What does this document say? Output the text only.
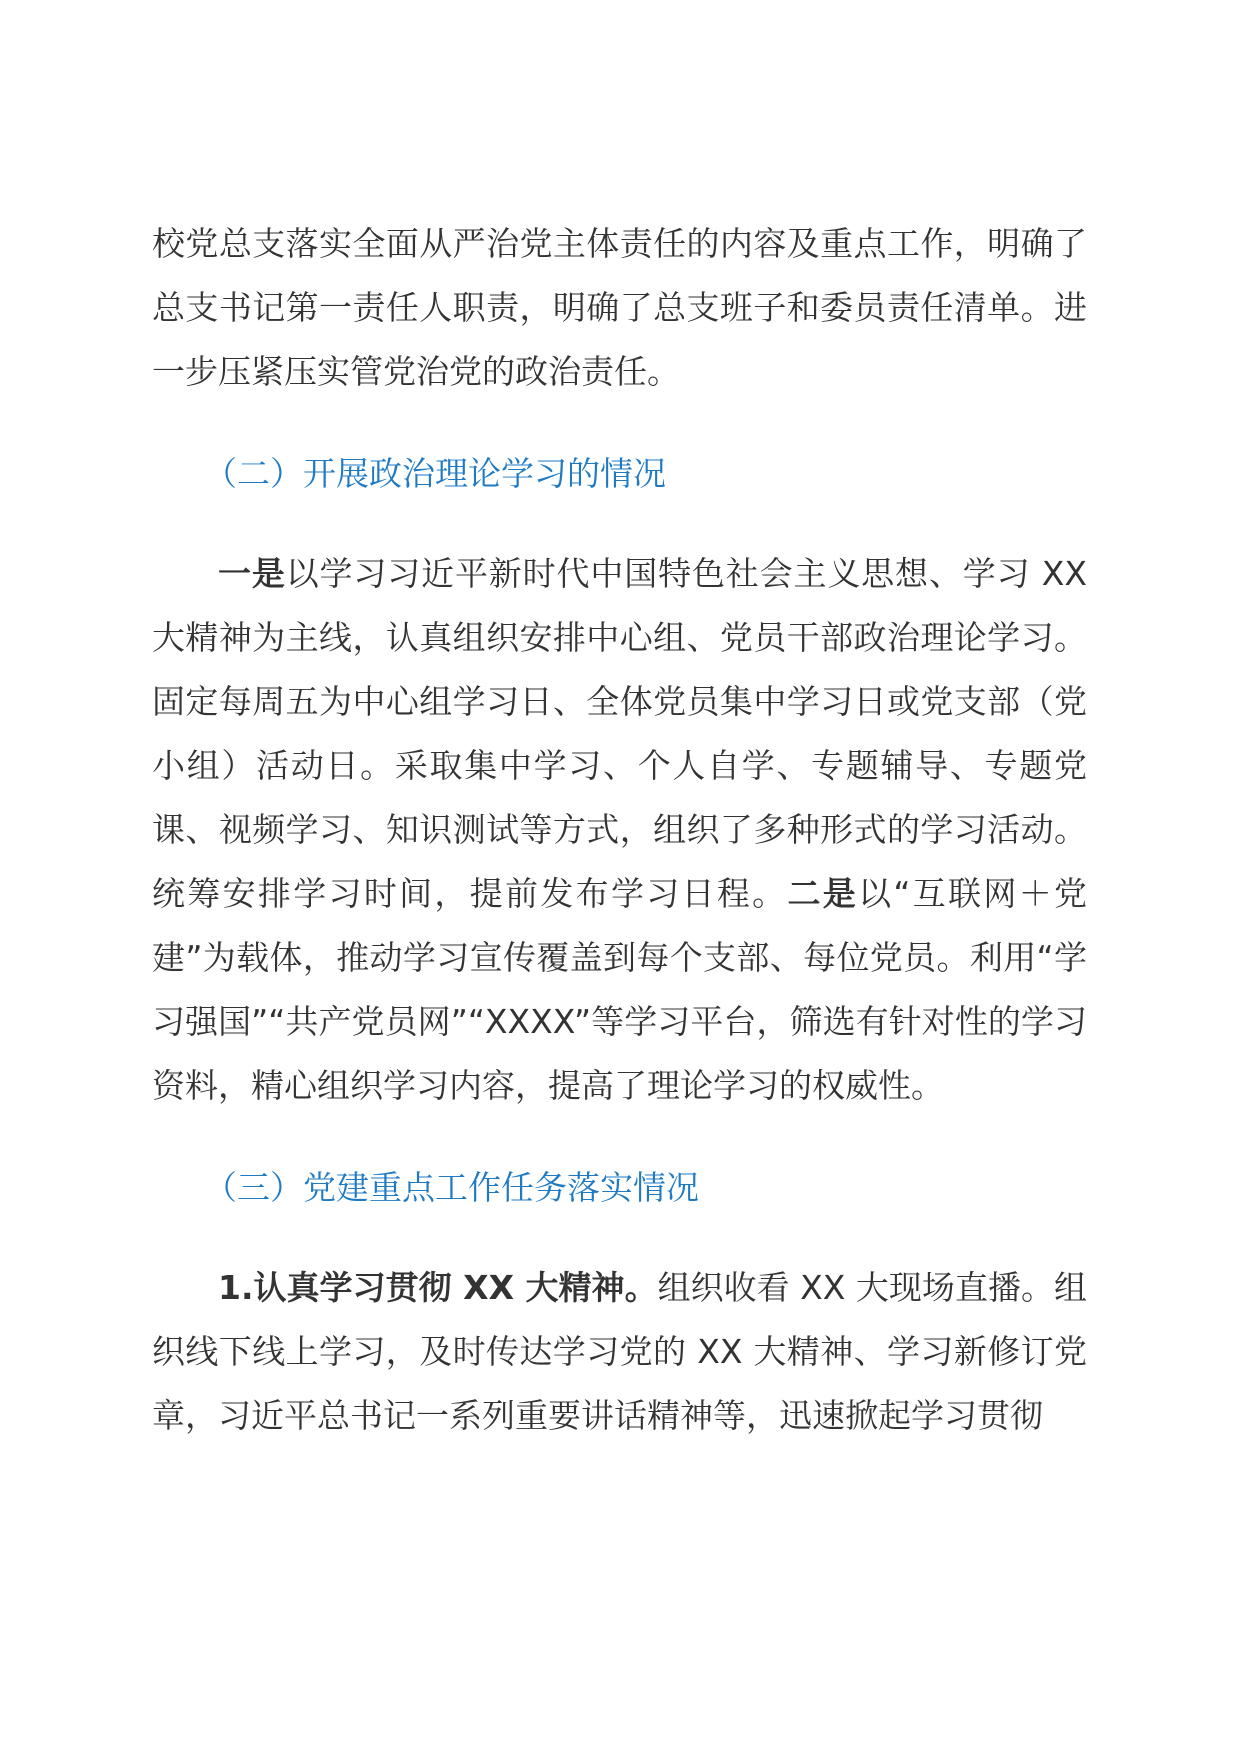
校党总支落实全面从严治党主体责任的内容及重点工作，明确了总支书记第一责任人职责，明确了总支班子和委员责任清单。进一步压紧压实管党治党的政治责任。

（二）开展政治理论学习的情况

一是以学习习近平新时代中国特色社会主义思想、学习 XX 大精神为主线，认真组织安排中心组、党员干部政治理论学习。固定每周五为中心组学习日、全体党员集中学习日或党支部（党小组）活动日。采取集中学习、个人自学、专题辅导、专题党课、视频学习、知识测试等方式，组织了多种形式的学习活动。统筹安排学习时间，提前发布学习日程。二是以“互联网＋党建”为载体，推动学习宣传覆盖到每个支部、每位党员。利用“学习强国”“共产党员网”“XXXX”等学习平台，筛选有针对性的学习资料，精心组织学习内容，提高了理论学习的权威性。

（三）党建重点工作任务落实情况

1.认真学习贯彻 XX 大精神。组织收看 XX 大现场直播。组织线下线上学习，及时传达学习党的 XX 大精神、学习新修订党章，习近平总书记一系列重要讲话精神等，迅速掀起学习贯彻
